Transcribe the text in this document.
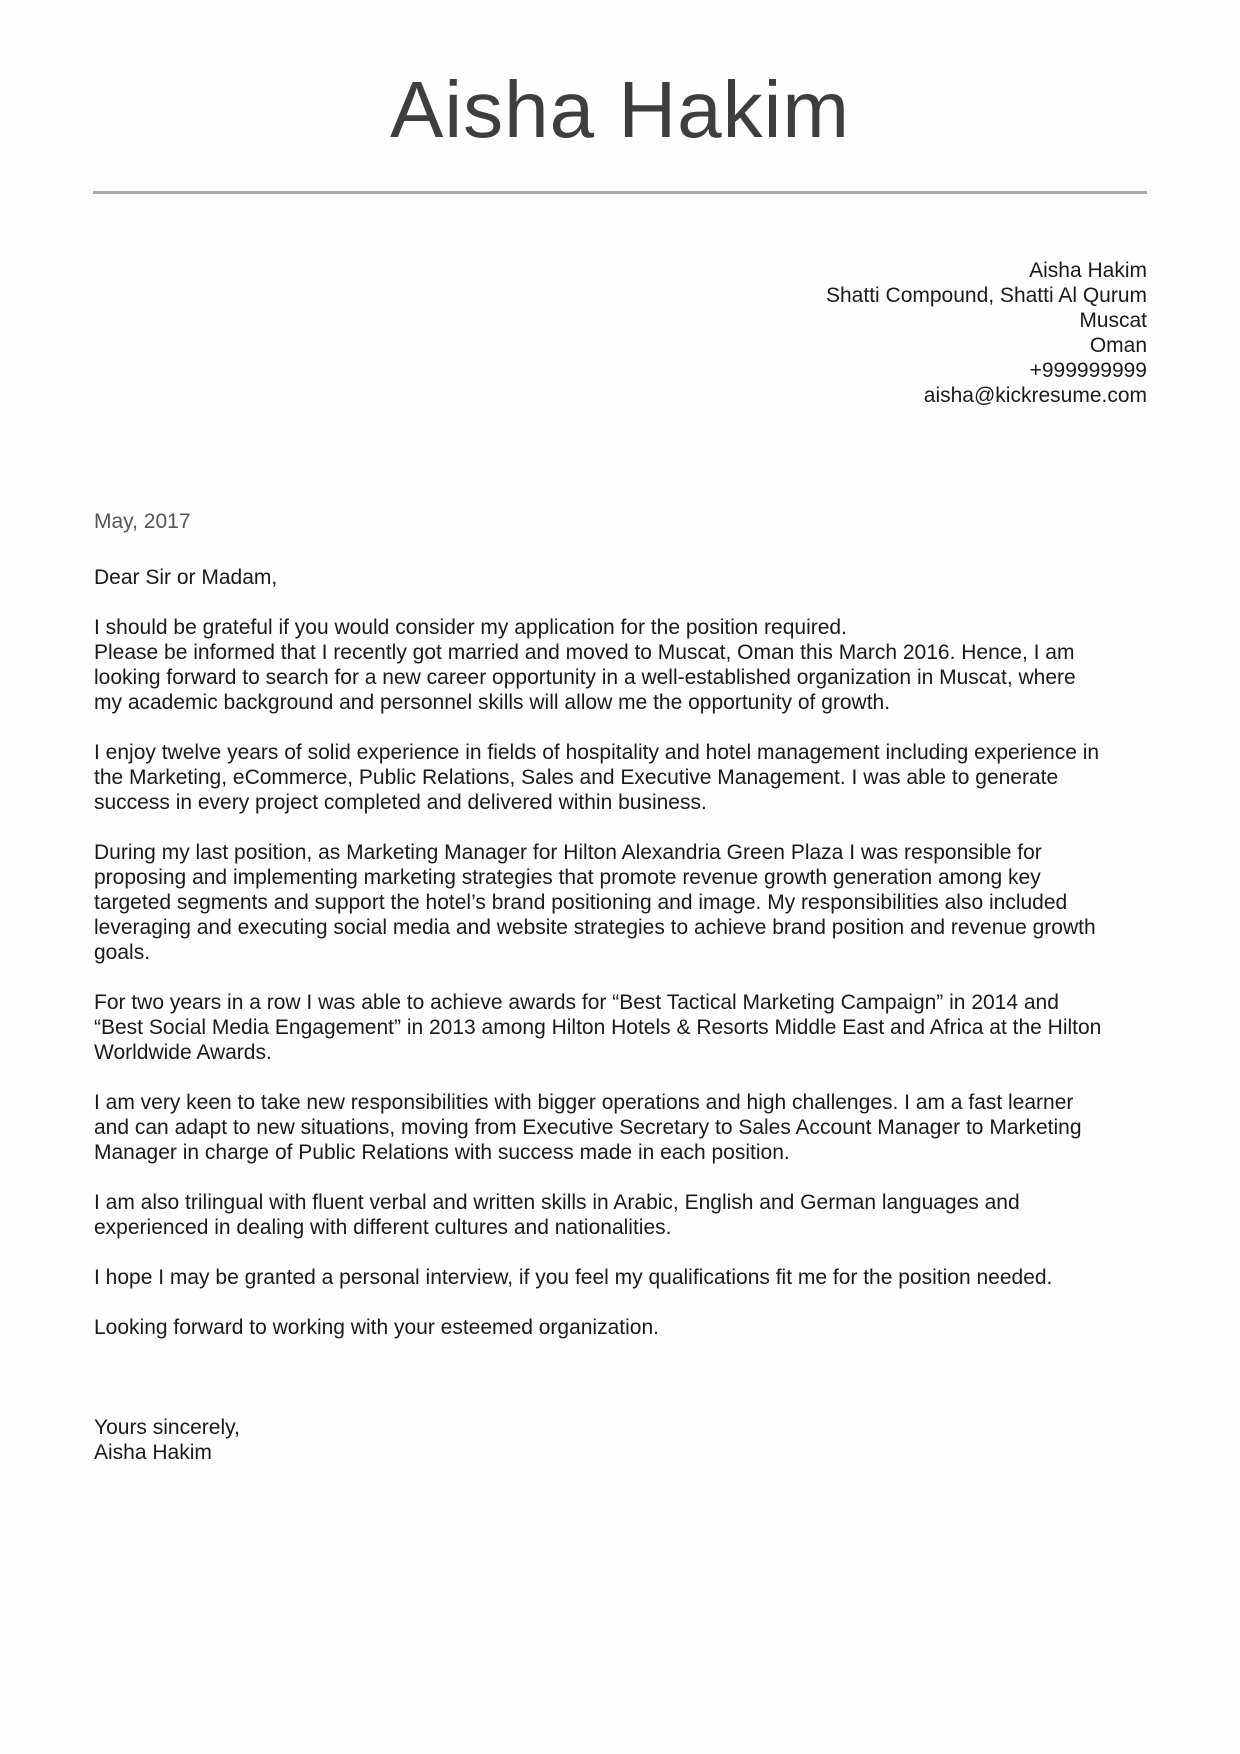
Aisha Hakim
Aisha Hakim
Shatti Compound, Shatti Al Qurum
Muscat
Oman
+999999999
aisha@kickresume.com
May, 2017
Dear Sir or Madam,

I should be grateful if you would consider my application for the position required.
Please be informed that I recently got married and moved to Muscat, Oman this March 2016. Hence, I am
looking forward to search for a new career opportunity in a well-established organization in Muscat, where
my academic background and personnel skills will allow me the opportunity of growth.

I enjoy twelve years of solid experience in fields of hospitality and hotel management including experience in
the Marketing, eCommerce, Public Relations, Sales and Executive Management. I was able to generate
success in every project completed and delivered within business.

During my last position, as Marketing Manager for Hilton Alexandria Green Plaza I was responsible for
proposing and implementing marketing strategies that promote revenue growth generation among key
targeted segments and support the hotel’s brand positioning and image. My responsibilities also included
leveraging and executing social media and website strategies to achieve brand position and revenue growth
goals.

For two years in a row I was able to achieve awards for “Best Tactical Marketing Campaign” in 2014 and
“Best Social Media Engagement” in 2013 among Hilton Hotels & Resorts Middle East and Africa at the Hilton
Worldwide Awards.

I am very keen to take new responsibilities with bigger operations and high challenges. I am a fast learner
and can adapt to new situations, moving from Executive Secretary to Sales Account Manager to Marketing
Manager in charge of Public Relations with success made in each position.

I am also trilingual with fluent verbal and written skills in Arabic, English and German languages and
experienced in dealing with different cultures and nationalities.

I hope I may be granted a personal interview, if you feel my qualifications fit me for the position needed.

Looking forward to working with your esteemed organization.

Yours sincerely,
Aisha Hakim
